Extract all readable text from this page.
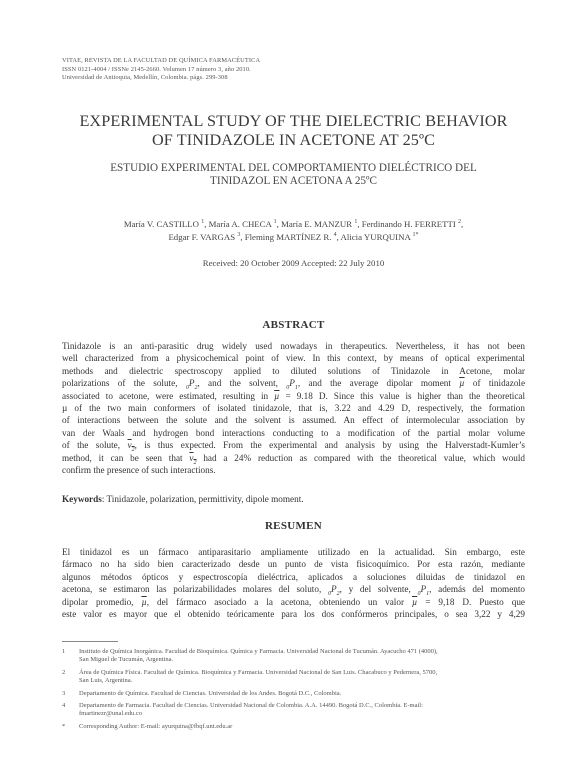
VITAE, REVISTA DE LA FACULTAD DE QUÍMICA FARMACÉUTICA
ISSN 0121-4004 / ISSNe 2145-2660. Volumen 17 número 3, año 2010.
Universidad de Antioquia, Medellín, Colombia. págs. 299-308
EXPERIMENTAL STUDY OF THE DIELECTRIC BEHAVIOR
OF TINIDAZOLE IN ACETONE AT 25ºC
ESTUDIO EXPERIMENTAL DEL COMPORTAMIENTO DIELÉCTRICO DEL
TINIDAZOL EN ACETONA A 25ºC
María V. CASTILLO $^1$, María A. CHECA $^1$, María E. MANZUR $^1$, Ferdinando H. FERRETTI $^2$,
Edgar F. VARGAS $^3$, Fleming MARTÍNEZ R. $^4$, Alicia YURQUINA $^{1*}$
Received: 20 October 2009 Accepted: 22 July 2010
ABSTRACT
Tinidazole is an anti-parasitic drug widely used nowadays in therapeutics. Nevertheless, it has not been
well characterized from a physicochemical point of view. In this context, by means of optical experimental
methods and dielectric spectroscopy applied to diluted solutions of Tinidazole in Acetone, molar
polarizations of the solute, $_0P_2$, and the solvent, $_0P_1$, and the average dipolar moment µ of tinidazole
associated to acetone, were estimated, resulting in µ = 9.18 D. Since this value is higher than the theoretical
µ of the two main conformers of isolated tinidazole, that is, 3.22 and 4.29 D, respectively, the formation
of interactions between the solute and the solvent is assumed. An effect of intermolecular association by
van der Waals and hydrogen bond interactions conducting to a modification of the partial molar volume
of the solute, $v_2$, is thus expected. From the experimental and analysis by using the Halverstadt-Kumler’s
method, it can be seen that $v_2$ had a 24% reduction as compared with the theoretical value, which would
confirm the presence of such interactions.
Keywords: Tinidazole, polarization, permittivity, dipole moment.
RESUMEN
El tinidazol es un fármaco antiparasitario ampliamente utilizado en la actualidad. Sin embargo, este
fármaco no ha sido bien caracterizado desde un punto de vista fisicoquímico. Por esta razón, mediante
algunos métodos ópticos y espectroscopía dieléctrica, aplicados a soluciones diluidas de tinidazol en
acetona, se estimaron las polarizabilidades molares del soluto, $_0P_2$, y del solvente, $_0P_1$, además del momento
dipolar promedio, µ, del fármaco asociado a la acetona, obteniendo un valor µ = 9,18 D. Puesto que
este valor es mayor que el obtenido teóricamente para los dos confórmeros principales, o sea 3,22 y 4,29
1 Instituto de Química Inorgánica. Facultad de Bioquímica. Química y Farmacia. Universidad Nacional de Tucumán. Ayacucho 471 (4000),
San Miguel de Tucumán, Argentina.
2 Área de Química Física. Facultad de Química. Bioquímica y Farmacia. Universidad Nacional de San Luis. Chacabuco y Pedernera, 5700,
San Luis, Argentina.
3 Departamento de Química. Facultad de Ciencias. Universidad de los Andes. Bogotá D.C., Colombia.
4 Departamento de Farmacia. Facultad de Ciencias. Universidad Nacional de Colombia. A.A. 14490. Bogotá D.C., Colombia. E-mail:
fmartinezr@unal.edu.co
* Corresponding Author: E-mail: ayurquina@fbqf.unt.edu.ar
